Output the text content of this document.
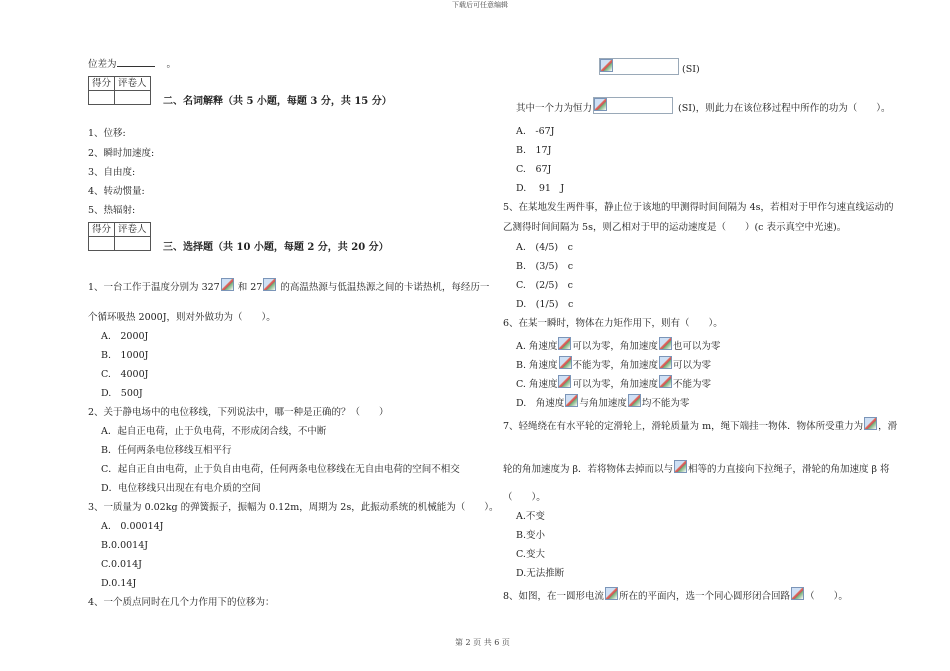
下载后可任意编辑
第 2 页 共 6 页
位差为	。
得分	评卷人

二、名词解释（共 5 小题，每题 3 分，共 15 分）
1、位移:
2、瞬时加速度:
3、自由度:
4、转动惯量:
5、热辐射:
得分	评卷人

三、选择题（共 10 小题，每题 2 分，共 20 分）
1、一台工作于温度分别为 327 和 27 的高温热源与低温热源之间的卡诺热机，每经历一
个循环吸热 2000J，则对外做功为（　　）。
A.　2000J
B.　1000J
C.　4000J
D.　500J
2、关于静电场中的电位移线，下列说法中，哪一种是正确的？（　　）
A．起自正电荷，止于负电荷，不形成闭合线，不中断
B．任何两条电位移线互相平行
C．起自正自由电荷，止于负自由电荷，任何两条电位移线在无自由电荷的空间不相交
D．电位移线只出现在有电介质的空间
3、一质量为 0.02kg 的弹簧振子，振幅为 0.12m，周期为 2s，此振动系统的机械能为（　　）。
A.　0.00014J
B.0.0014J
C.0.014J
D.0.14J
4、一个质点同时在几个力作用下的位移为：
(SI)
其中一个力为恒力	(SI)，则此力在该位移过程中所作的功为（　　）。
A.　-67J
B.　17J
C.　67J
D.　 91　J
5、在某地发生两件事，静止位于该地的甲测得时间间隔为 4s，若相对于甲作匀速直线运动的
乙测得时间间隔为 5s，则乙相对于甲的运动速度是（　　）(c 表示真空中光速)。
A.　(4/5)　c
B.　(3/5)　c
C.　(2/5)　c
D.　(1/5)　c
6、在某一瞬时，物体在力矩作用下，则有（　　）。
A. 角速度 可以为零，角加速度 也可以为零
B. 角速度 不能为零，角加速度 可以为零
C. 角速度 可以为零，角加速度 不能为零
D.　角速度 与角加速度 均不能为零
7、轻绳绕在有水平轮的定滑轮上，滑轮质量为 m，绳下端挂一物体．物体所受重力为 ，滑
轮的角加速度为 β．若将物体去掉而以与 相等的力直接向下拉绳子，滑轮的角加速度 β 将
（　　）。
A.不变
B.变小
C.变大
D.无法推断
8、如图，在一圆形电流 所在的平面内，选一个同心圆形闭合回路 （　　）。
